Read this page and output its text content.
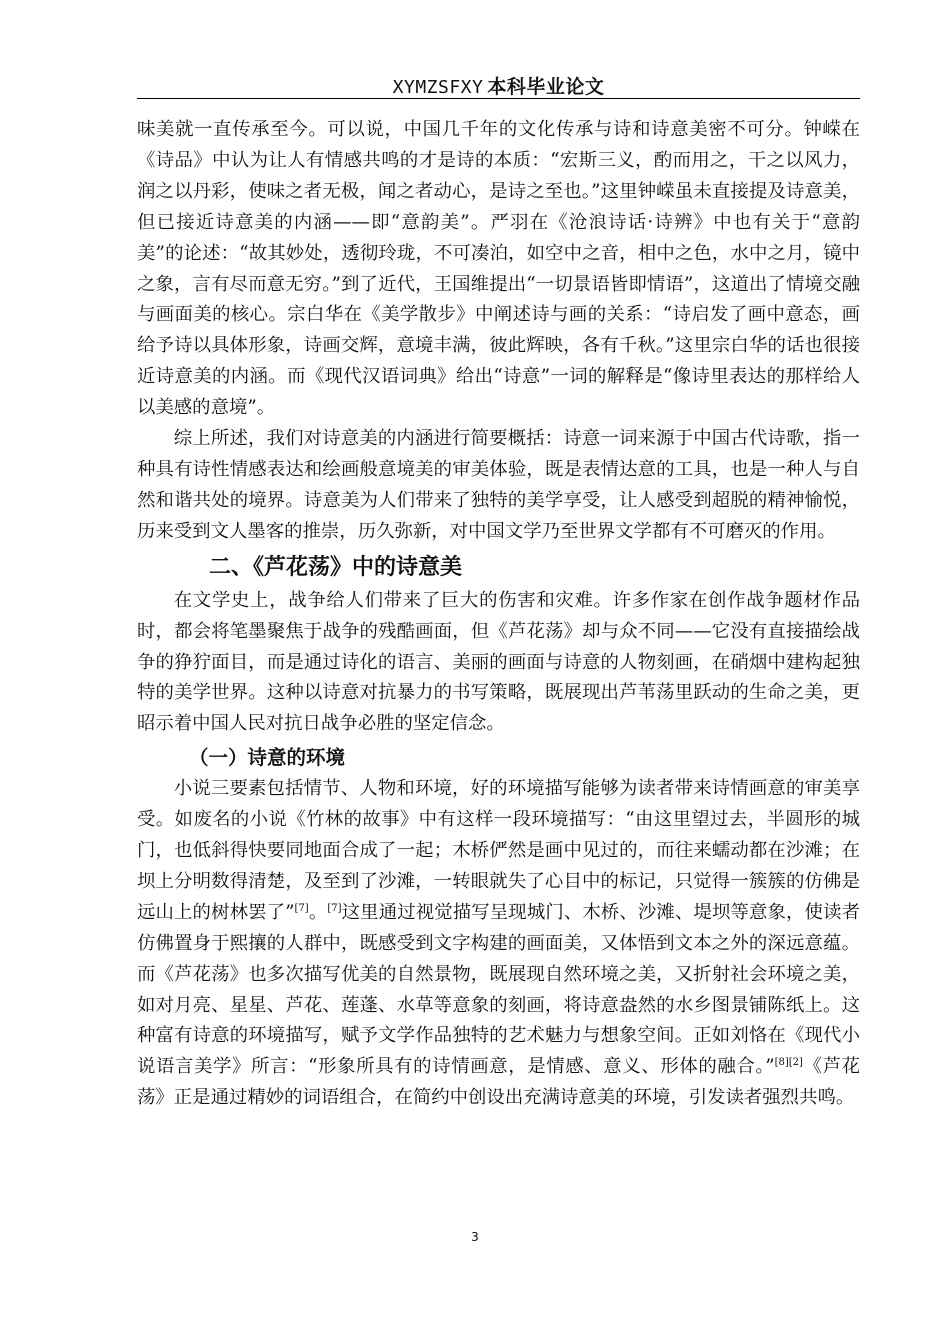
XYMZSFXY 本科毕业论文

味美就一直传承至今。可以说，中国几千年的文化传承与诗和诗意美密不可分。钟嵘在《诗品》中认为让人有情感共鸣的才是诗的本质：“宏斯三义，酌而用之，干之以风力，润之以丹彩，使味之者无极，闻之者动心，是诗之至也。”这里钟嵘虽未直接提及诗意美，但已接近诗意美的内涵——即“意韵美”。严羽在《沧浪诗话·诗辨》中也有关于“意韵美”的论述：“故其妙处，透彻玲珑，不可凑泊，如空中之音，相中之色，水中之月，镜中之象，言有尽而意无穷。”到了近代，王国维提出“一切景语皆即情语”，这道出了情境交融与画面美的核心。宗白华在《美学散步》中阐述诗与画的关系：“诗启发了画中意态，画给予诗以具体形象，诗画交辉，意境丰满，彼此辉映，各有千秋。”这里宗白华的话也很接近诗意美的内涵。而《现代汉语词典》给出“诗意”一词的解释是“像诗里表达的那样给人以美感的意境”。

综上所述，我们对诗意美的内涵进行简要概括：诗意一词来源于中国古代诗歌，指一种具有诗性情感表达和绘画般意境美的审美体验，既是表情达意的工具，也是一种人与自然和谐共处的境界。诗意美为人们带来了独特的美学享受，让人感受到超脱的精神愉悦，历来受到文人墨客的推崇，历久弥新，对中国文学乃至世界文学都有不可磨灭的作用。

二、《芦花荡》中的诗意美

在文学史上，战争给人们带来了巨大的伤害和灾难。许多作家在创作战争题材作品时，都会将笔墨聚焦于战争的残酷画面，但《芦花荡》却与众不同——它没有直接描绘战争的狰狞面目，而是通过诗化的语言、美丽的画面与诗意的人物刻画，在硝烟中建构起独特的美学世界。这种以诗意对抗暴力的书写策略，既展现出芦苇荡里跃动的生命之美，更昭示着中国人民对抗日战争必胜的坚定信念。

（一）诗意的环境

小说三要素包括情节、人物和环境，好的环境描写能够为读者带来诗情画意的审美享受。如废名的小说《竹林的故事》中有这样一段环境描写：“由这里望过去，半圆形的城门，也低斜得快要同地面合成了一起；木桥俨然是画中见过的，而往来蠕动都在沙滩；在坝上分明数得清楚，及至到了沙滩，一转眼就失了心目中的标记，只觉得一簇簇的仿佛是远山上的树林罢了”[7]。[7]这里通过视觉描写呈现城门、木桥、沙滩、堤坝等意象，使读者仿佛置身于熙攘的人群中，既感受到文字构建的画面美，又体悟到文本之外的深远意蕴。而《芦花荡》也多次描写优美的自然景物，既展现自然环境之美，又折射社会环境之美，如对月亮、星星、芦花、莲蓬、水草等意象的刻画，将诗意盎然的水乡图景铺陈纸上。这种富有诗意的环境描写，赋予文学作品独特的艺术魅力与想象空间。正如刘恪在《现代小说语言美学》所言：“形象所具有的诗情画意，是情感、意义、形体的融合。”[8][2]《芦花荡》正是通过精妙的词语组合，在简约中创设出充满诗意美的环境，引发读者强烈共鸣。

3
